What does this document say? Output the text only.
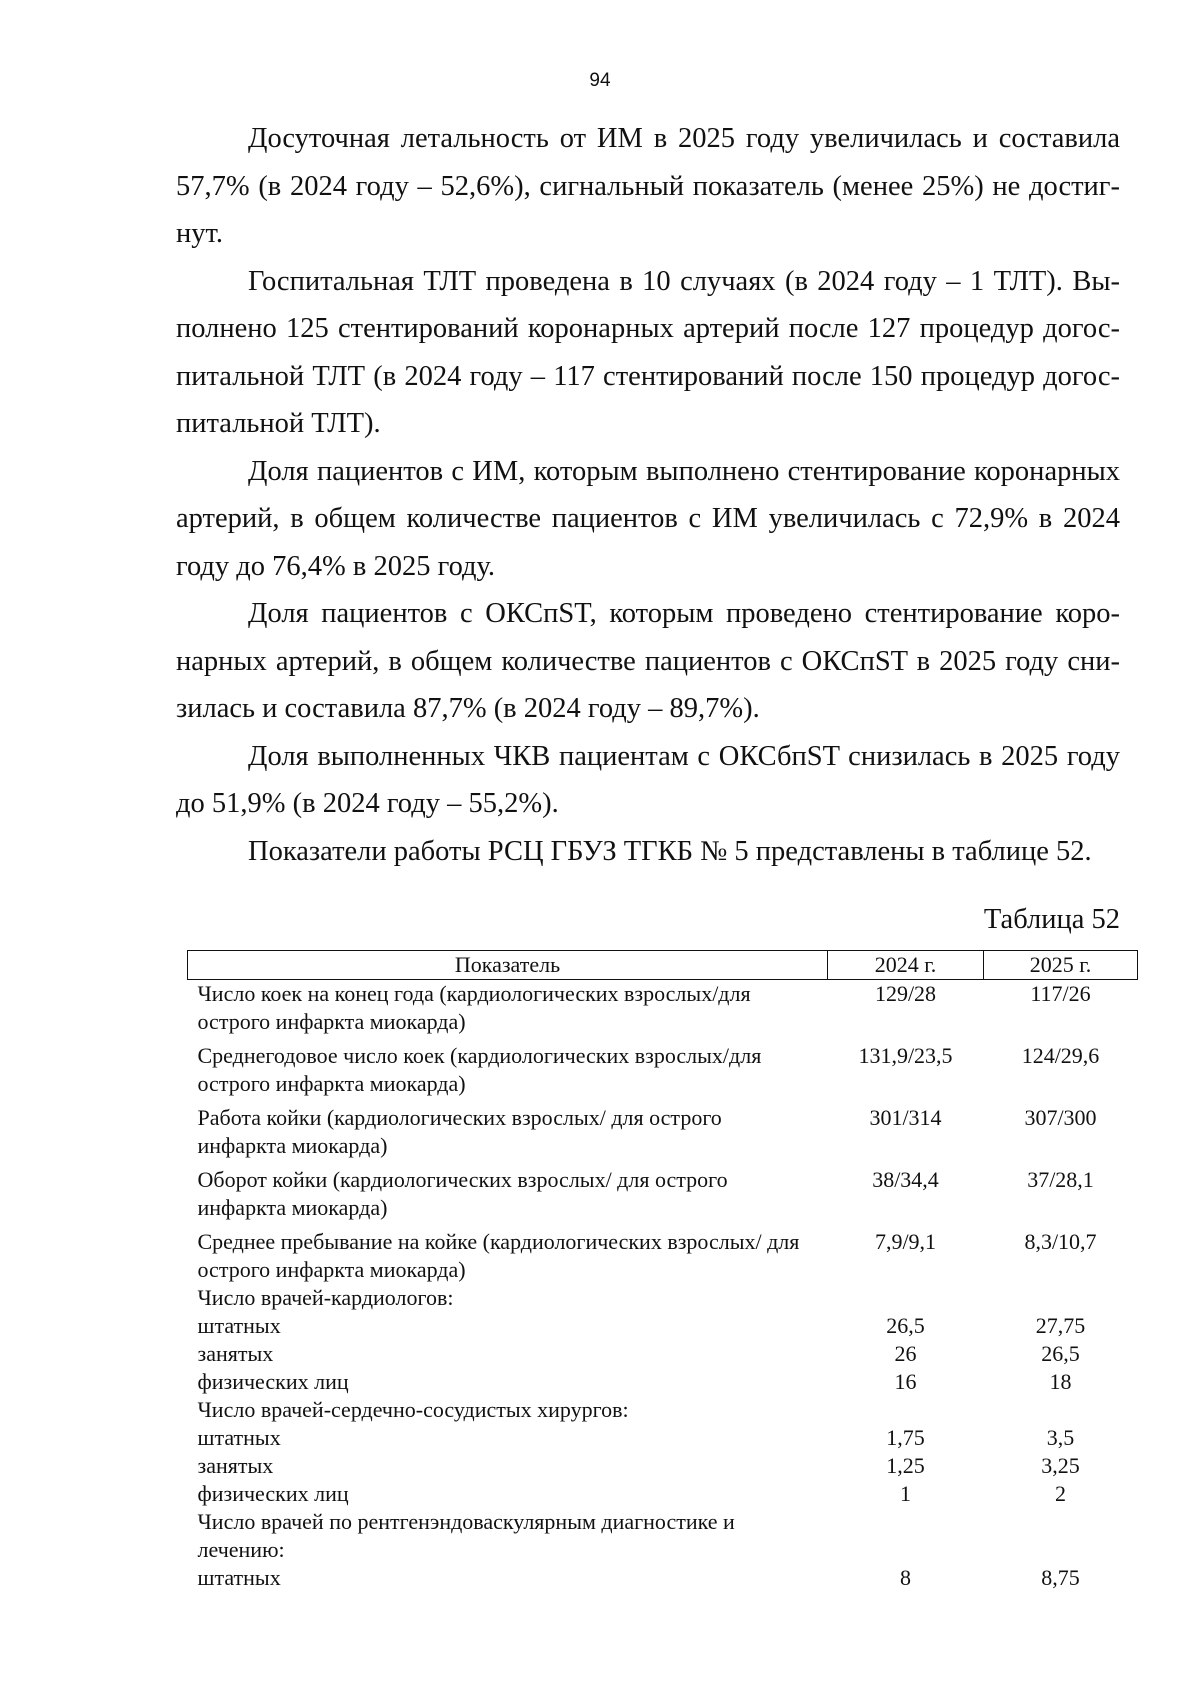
94

Досуточная летальность от ИМ в 2025 году увеличилась и составила 57,7% (в 2024 году – 52,6%), сигнальный показатель (менее 25%) не достигнут.

Госпитальная ТЛТ проведена в 10 случаях (в 2024 году – 1 ТЛТ). Выполнено 125 стентирований коронарных артерий после 127 процедур догоспитальной ТЛТ (в 2024 году – 117 стентирований после 150 процедур догоспитальной ТЛТ).

Доля пациентов с ИМ, которым выполнено стентирование коронарных артерий, в общем количестве пациентов с ИМ увеличилась с 72,9% в 2024 году до 76,4% в 2025 году.

Доля пациентов с ОКСпST, которым проведено стентирование коронарных артерий, в общем количестве пациентов с ОКСпST в 2025 году снизилась и составила 87,7% (в 2024 году – 89,7%).

Доля выполненных ЧКВ пациентам с ОКСбпST снизилась в 2025 году до 51,9% (в 2024 году – 55,2%).

Показатели работы РСЦ ГБУЗ ТГКБ № 5 представлены в таблице 52.

Таблица 52
Показатель	2024 г.	2025 г.
Число коек на конец года (кардиологических взрослых/для острого инфаркта миокарда)	129/28	117/26
Среднегодовое число коек (кардиологических взрослых/для острого инфаркта миокарда)	131,9/23,5	124/29,6
Работа койки (кардиологических взрослых/ для острого инфаркта миокарда)	301/314	307/300
Оборот койки (кардиологических взрослых/ для острого инфаркта миокарда)	38/34,4	37/28,1
Среднее пребывание на койке (кардиологических взрослых/ для острого инфаркта миокарда)	7,9/9,1	8,3/10,7
Число врачей-кардиологов:		
штатных	26,5	27,75
занятых	26	26,5
физических лиц	16	18
Число врачей-сердечно-сосудистых хирургов:		
штатных	1,75	3,5
занятых	1,25	3,25
физических лиц	1	2
Число врачей по рентгенэндоваскулярным диагностике и лечению:		
штатных	8	8,75
